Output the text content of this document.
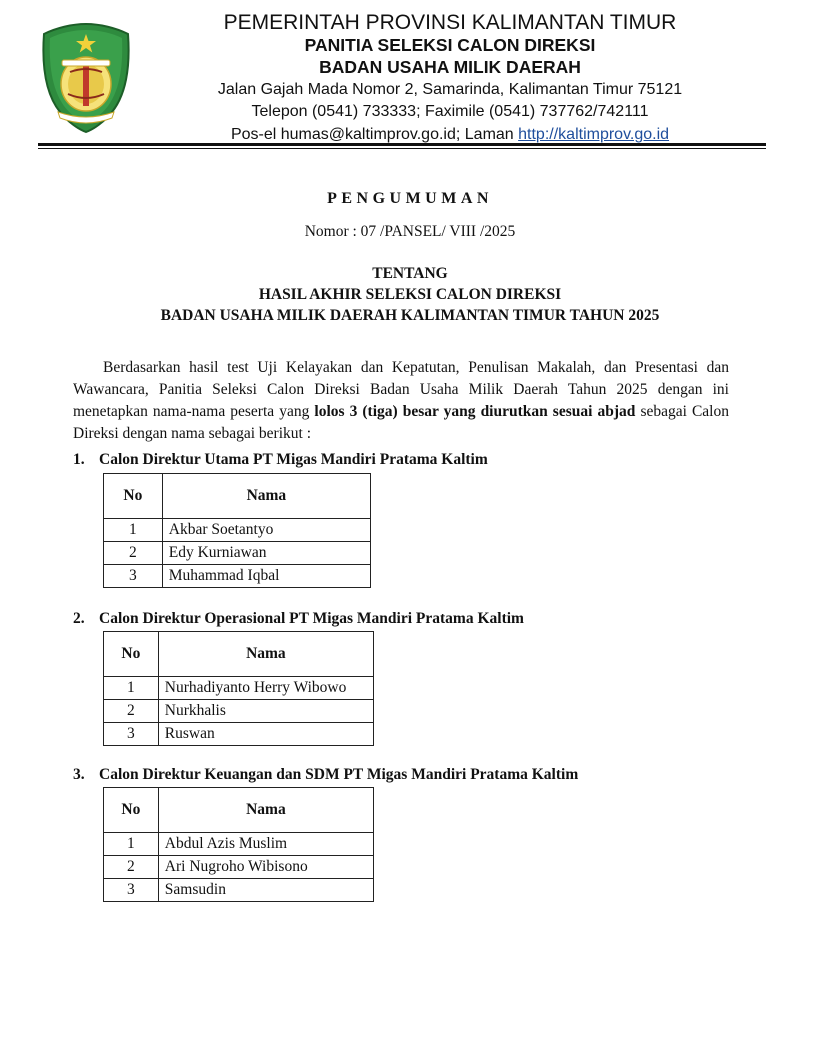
PEMERINTAH PROVINSI KALIMANTAN TIMUR
PANITIA SELEKSI CALON DIREKSI
BADAN USAHA MILIK DAERAH
Jalan Gajah Mada Nomor 2, Samarinda, Kalimantan Timur 75121
Telepon (0541) 733333; Faximile (0541) 737762/742111
Pos-el humas@kaltimprov.go.id; Laman http://kaltimprov.go.id
PENGUMUMAN
Nomor : 07 /PANSEL/ VIII /2025
TENTANG
HASIL AKHIR SELEKSI CALON DIREKSI
BADAN USAHA MILIK DAERAH KALIMANTAN TIMUR TAHUN 2025
Berdasarkan hasil test Uji Kelayakan dan Kepatutan, Penulisan Makalah, dan Presentasi dan Wawancara, Panitia Seleksi Calon Direksi Badan Usaha Milik Daerah Tahun 2025 dengan ini menetapkan nama-nama peserta yang lolos 3 (tiga) besar yang diurutkan sesuai abjad sebagai Calon Direksi dengan nama sebagai berikut :
1. Calon Direktur Utama PT Migas Mandiri Pratama Kaltim
No	Nama
1	Akbar Soetantyo
2	Edy Kurniawan
3	Muhammad Iqbal
2. Calon Direktur Operasional PT Migas Mandiri Pratama Kaltim
No	Nama
1	Nurhadiyanto Herry Wibowo
2	Nurkhalis
3	Ruswan
3. Calon Direktur Keuangan dan SDM PT Migas Mandiri Pratama Kaltim
No	Nama
1	Abdul Azis Muslim
2	Ari Nugroho Wibisono
3	Samsudin
